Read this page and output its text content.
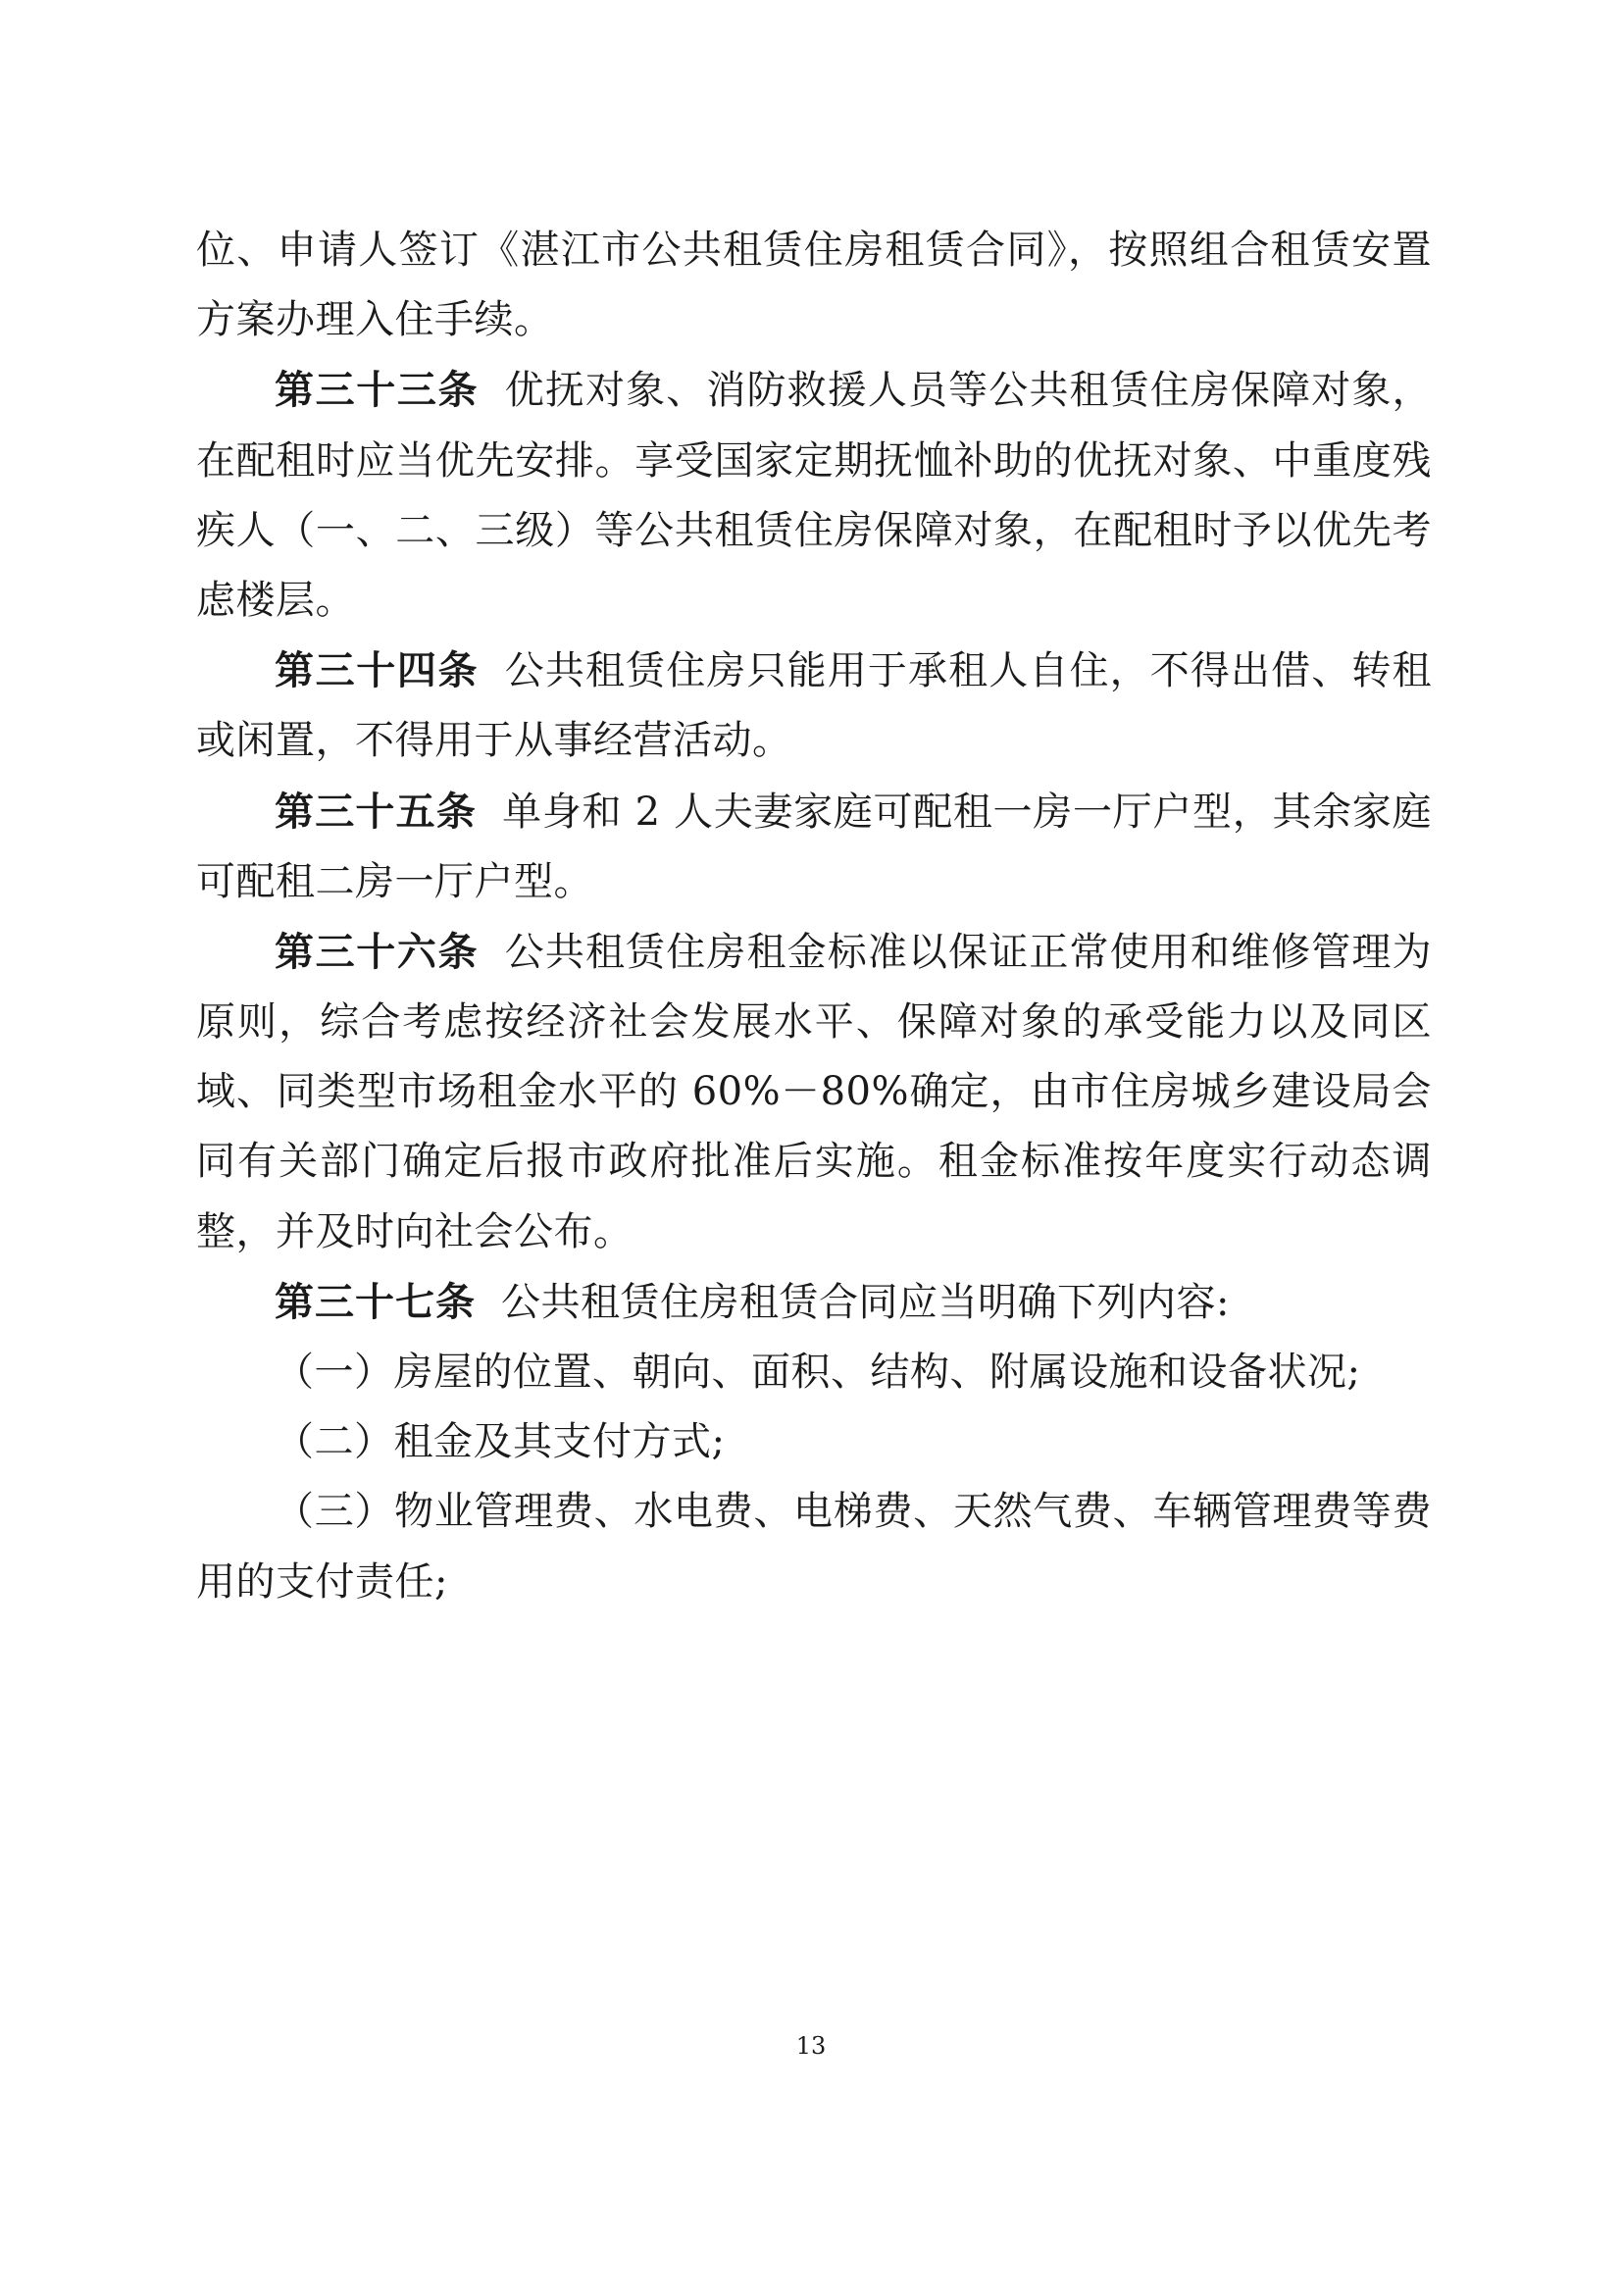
位、申请人签订《湛江市公共租赁住房租赁合同》，按照组合租赁安置方案办理入住手续。

第三十三条 优抚对象、消防救援人员等公共租赁住房保障对象，在配租时应当优先安排。享受国家定期抚恤补助的优抚对象、中重度残疾人（一、二、三级）等公共租赁住房保障对象，在配租时予以优先考虑楼层。

第三十四条 公共租赁住房只能用于承租人自住，不得出借、转租或闲置，不得用于从事经营活动。

第三十五条 单身和 2 人夫妻家庭可配租一房一厅户型，其余家庭可配租二房一厅户型。

第三十六条 公共租赁住房租金标准以保证正常使用和维修管理为原则，综合考虑按经济社会发展水平、保障对象的承受能力以及同区域、同类型市场租金水平的 60%－80%确定，由市住房城乡建设局会同有关部门确定后报市政府批准后实施。租金标准按年度实行动态调整，并及时向社会公布。

第三十七条 公共租赁住房租赁合同应当明确下列内容:

（一）房屋的位置、朝向、面积、结构、附属设施和设备状况;

（二）租金及其支付方式;

（三）物业管理费、水电费、电梯费、天然气费、车辆管理费等费用的支付责任;

13
